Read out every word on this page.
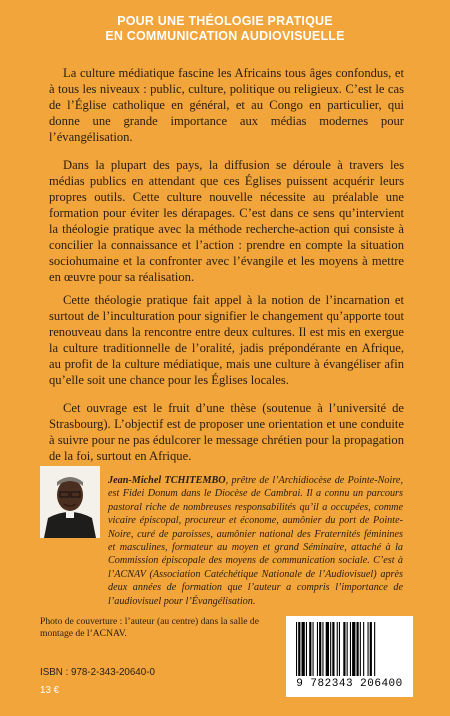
POUR UNE THÉOLOGIE PRATIQUE
EN COMMUNICATION AUDIOVISUELLE

La culture médiatique fascine les Africains tous âges confondus, et à tous les niveaux : public, culture, politique ou religieux. C’est le cas de l’Église catholique en général, et au Congo en particulier, qui donne une grande importance aux médias modernes pour l’évangélisation.

Dans la plupart des pays, la diffusion se déroule à travers les médias publics en attendant que ces Églises puissent acquérir leurs propres outils. Cette culture nouvelle nécessite au préalable une formation pour éviter les dérapages. C’est dans ce sens qu’intervient la théologie pratique avec la méthode recherche-action qui consiste à concilier la connaissance et l’action : prendre en compte la situation sociohumaine et la confronter avec l’évangile et les moyens à mettre en œuvre pour sa réalisation.

Cette théologie pratique fait appel à la notion de l’incarnation et surtout de l’inculturation pour signifier le changement qu’apporte tout renouveau dans la rencontre entre deux cultures. Il est mis en exergue la culture traditionnelle de l’oralité, jadis prépondérante en Afrique, au profit de la culture médiatique, mais une culture à évangéliser afin qu’elle soit une chance pour les Églises locales.

Cet ouvrage est le fruit d’une thèse (soutenue à l’université de Strasbourg). L’objectif est de proposer une orientation et une conduite à suivre pour ne pas édulcorer le message chrétien pour la propagation de la foi, surtout en Afrique.

Jean-Michel TCHITEMBO, prêtre de l’Archidiocèse de Pointe-Noire, est Fidei Donum dans le Diocèse de Cambrai. Il a connu un parcours pastoral riche de nombreuses responsabilités qu’il a occupées, comme vicaire épiscopal, procureur et économe, aumônier du port de Pointe-Noire, curé de paroisses, aumônier national des Fraternités féminines et masculines, formateur au moyen et grand Séminaire, attaché à la Commission épiscopale des moyens de communication sociale. C’est à l’ACNAV (Association Catéchétique Nationale de l’Audiovisuel) après deux années de formation que l’auteur a compris l’importance de l’audiovisuel pour l’Évangélisation.
Photo de couverture : l’auteur (au centre) dans la salle de montage de l’ACNAV.
ISBN : 978-2-343-20640-0
13 €
9 782343 206400
